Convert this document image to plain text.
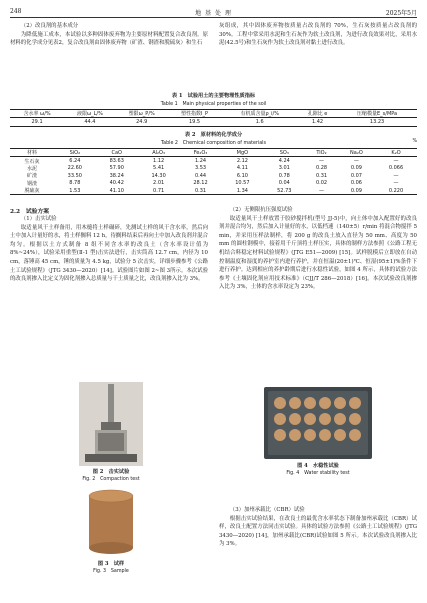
248	地 基 处 理	2025年5月

（2）改良剂的基本成分

为降低施工成本，本试验以多种固体废弃物为主要原材料配置复合改良剂。原材料的化学成分见表2，复合改良剂由固体废弃物（矿渣、钢渣和脱硫灰）和生石

灰组成，其中固体废弃物按质量占改良剂的 70%，生石灰按质量占改良剂的 30%。工程中常采用水泥和生石灰作为软土改良剂，为进行改良效果对比，采用水泥(42.5号)和生石灰作为软土改良剂对黏土进行改良。

表 1　试验用土的主要物理性质指标
Table 1　Main physical properties of the soil
含水率 ω/%	液限ω_L/%	塑限ω_P/%	塑性指数I_P	有机质含量ρ_i/%	孔隙比 e	压缩模量E_s/MPa
29.1	44.4	24.9	19.5	1.6	1.42	13.23
表 2　原材料的化学成分
Table 2　Chemical composition of materials	%
材料	SiO₂	CaO	Al₂O₃	Fe₂O₃	MgO	SO₃	TiO₂	Na₂O	K₂O
生石灰	6.24	83.63	1.12	1.24	2.12	4.24	—	—	—
水泥	22.60	57.90	5.41	3.53	4.11	3.01	0.28	0.09	0.066
矿渣	33.50	38.24	14.30	0.44	6.10	0.78	0.31	0.07	—
钢渣	8.78	40.42	2.01	28.12	10.57	0.04	0.02	0.06	—
脱硫灰	1.53	41.10	0.71	0.31	1.34	52.73	—	0.09	0.220

2.2　试验方案

（1）击实试验

取适量风干土样备用，用木槌将土样碾碎，先测试土样的风干含水率，然后向土中加入计量好的水，将土样搁料 12 h，待搁料结束后再向土中加入改良剂并混合均匀。根据以土方式制备 8 组不同含水率的改良土（含水率设计值为 8%~24%），试验采用重型(Ⅱ-1 型)击实法进行，击实筒高 12.7 cm，内径为 10 cm，落锤高 45 cm，锤的质量为 4.5 kg，试验分 5 次击实，详细步骤参考《公路土工试验规程》（JTG 3430—2020）[14]。试验图片如图 2~图 3所示。本次试验的改良剂掺入比定义为固化剂掺入总质量与干土质量之比，改良剂掺入比为 3%。

图 2　击实试验
Fig. 2　Compaction test
图 3　试样
Fig. 3　Sample

（2）无侧限抗压强度试验

取适量风干土样放置于胶砂搅拌机(型号 JJ-5)中，向土体中加入配置好的改良剂并混合均匀，然后加入计量好的水，以低档速（140±5）r/min 将混合物搅拌 5 min，并采用压样法制样，将 200 g 的改良土放入直径为 50 mm、高度为 50 mm 的圆柱钢模中，接着用千斤顶将土样压实，具体的制样方法参照《公路工程无机结合料稳定材料试验规程》(JTG E51—2009) [15]。试样脱模后立即放在自动控制温度和湿度的养护室内进行养护，并在恒温(20±1)℃、恒湿(95±1)%条件下进行养护。达到相应的养护龄期后进行水稳性试验，如图 4 所示，具体的试验方法参考《土壤固化剂应用技术标准》（CJJ/T 286—2018）[16]。本次试验改良剂掺入比为 3%，土体的含水率设定为 23%。

图 4　水稳性试验
Fig. 4　Water stability test

（3）加州承载比（CBR）试验

根据击实试验结果，在改良土的最优含水率状态下制备加州承载比（CBR）试样，改良土配置方法同击实试验。具体的试验方法参照《公路土工试验规程》(JTG 3430—2020) [14]，加州承载比(CBR)试验如图 5 所示。本次试验改良剂掺入比为 3%。
